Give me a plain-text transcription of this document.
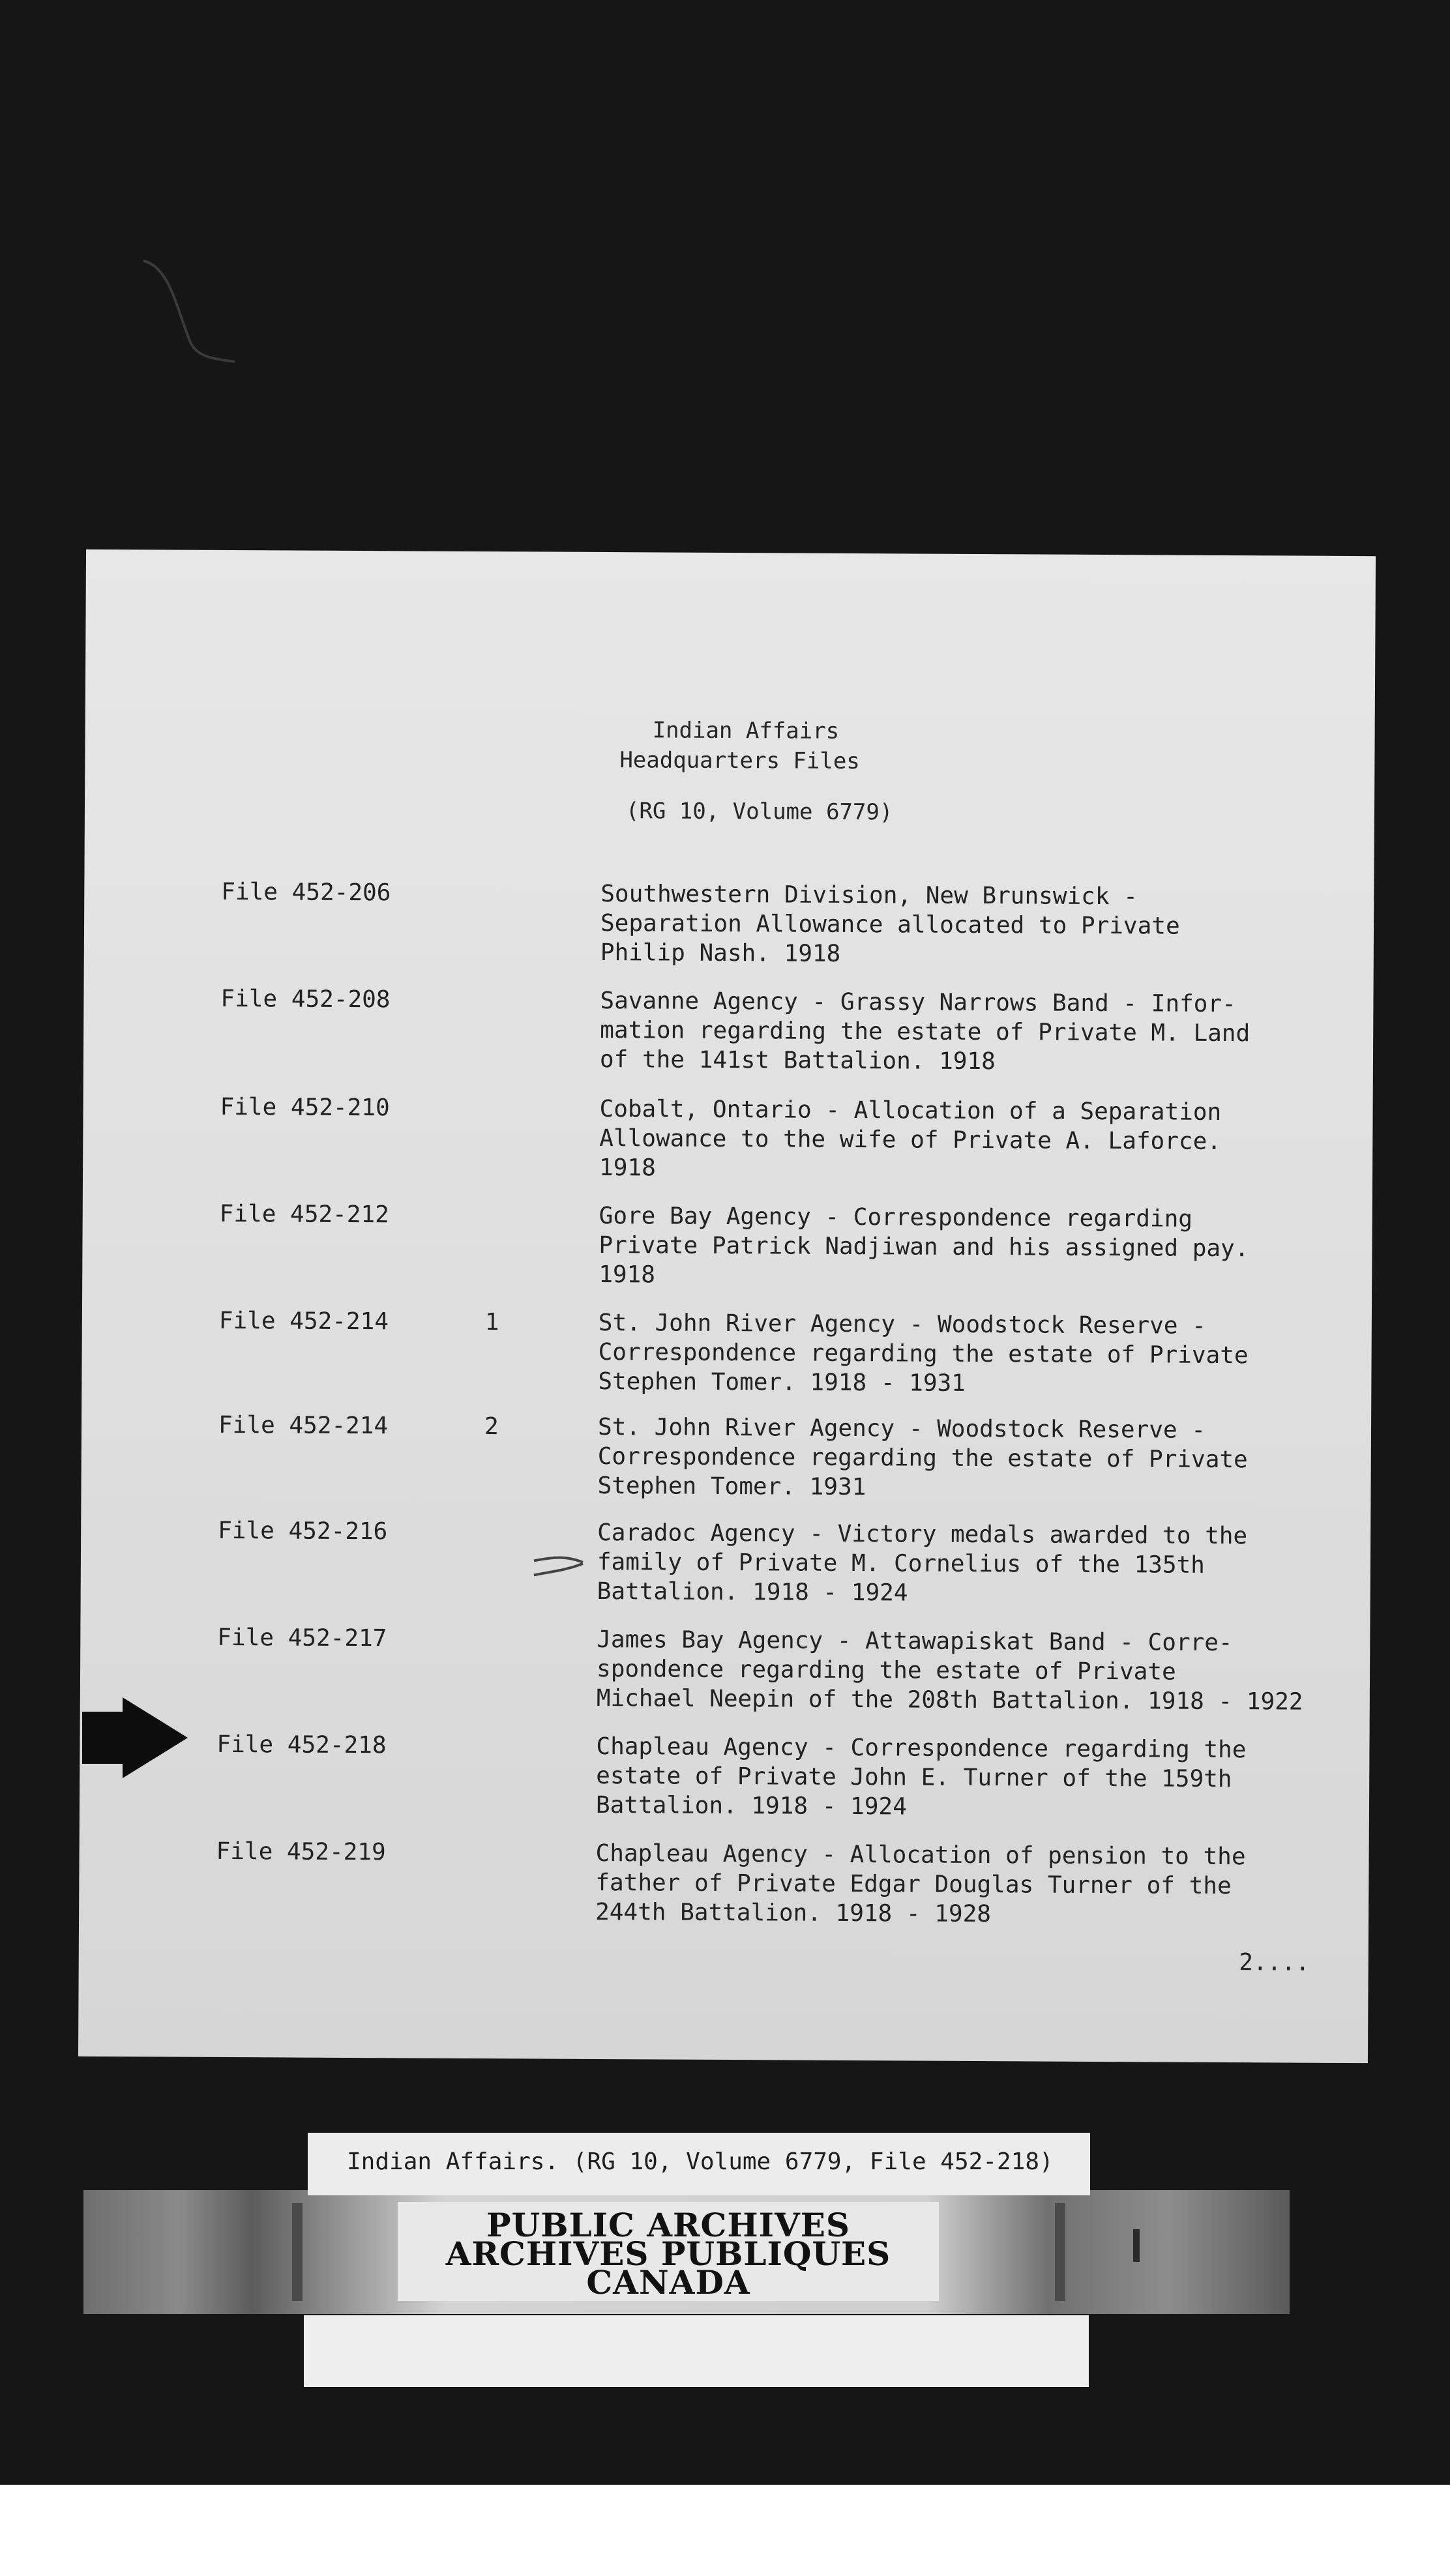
Indian Affairs
Headquarters Files
(RG 10, Volume 6779)
File 452-206	Southwestern Division, New Brunswick -
Separation Allowance allocated to Private
Philip Nash. 1918
File 452-208	Savanne Agency - Grassy Narrows Band - Infor-
mation regarding the estate of Private M. Land
of the 141st Battalion. 1918
File 452-210	Cobalt, Ontario - Allocation of a Separation
Allowance to the wife of Private A. Laforce.
1918
File 452-212	Gore Bay Agency - Correspondence regarding
Private Patrick Nadjiwan and his assigned pay.
1918
File 452-214	1	St. John River Agency - Woodstock Reserve -
Correspondence regarding the estate of Private
Stephen Tomer. 1918 - 1931
File 452-214	2	St. John River Agency - Woodstock Reserve -
Correspondence regarding the estate of Private
Stephen Tomer. 1931
File 452-216	Caradoc Agency - Victory medals awarded to the
family of Private M. Cornelius of the 135th
Battalion. 1918 - 1924
File 452-217	James Bay Agency - Attawapiskat Band - Corre-
spondence regarding the estate of Private
Michael Neepin of the 208th Battalion. 1918 - 1922
File 452-218	Chapleau Agency - Correspondence regarding the
estate of Private John E. Turner of the 159th
Battalion. 1918 - 1924
File 452-219	Chapleau Agency - Allocation of pension to the
father of Private Edgar Douglas Turner of the
244th Battalion. 1918 - 1928
2....
Indian Affairs. (RG 10, Volume 6779, File 452-218)
PUBLIC ARCHIVES
ARCHIVES PUBLIQUES
CANADA
